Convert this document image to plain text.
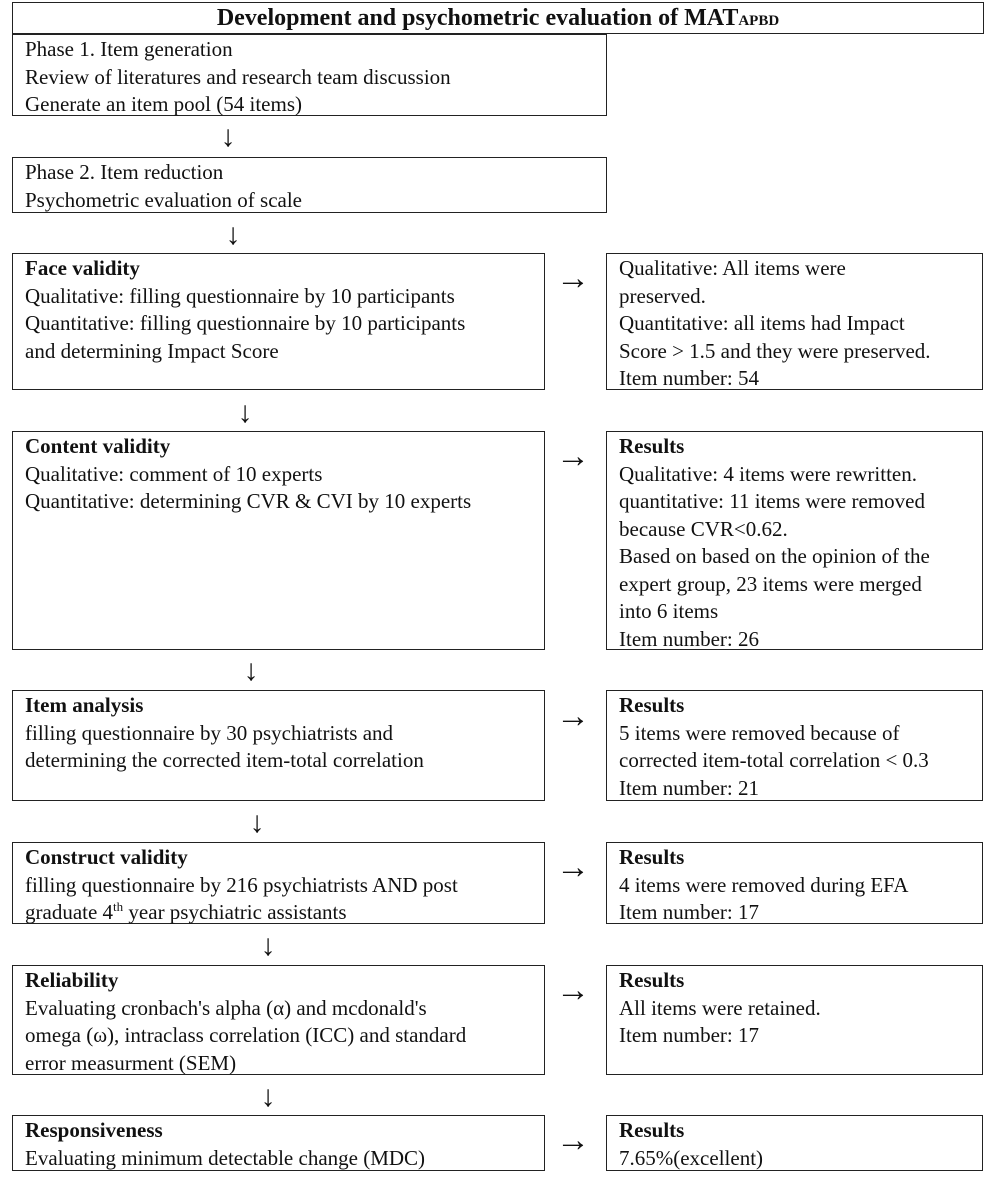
Development and psychometric evaluation of MATAPBD
Phase 1. Item generation
Review of literatures and research team discussion
Generate an item pool (54 items)
↓
Phase 2. Item reduction
Psychometric evaluation of scale
↓
Face validity
Qualitative: filling questionnaire by 10 participants
Quantitative: filling questionnaire by 10 participants
and determining Impact Score
→ Qualitative: All items were
preserved.
Quantitative: all items had Impact
Score > 1.5 and they were preserved.
Item number: 54
↓
Content validity
Qualitative: comment of 10 experts
Quantitative: determining CVR & CVI by 10 experts
→ Results
Qualitative: 4 items were rewritten.
quantitative: 11 items were removed
because CVR<0.62.
Based on based on the opinion of the
expert group, 23 items were merged
into 6 items
Item number: 26
↓
Item analysis
filling questionnaire by 30 psychiatrists and
determining the corrected item-total correlation
→ Results
5 items were removed because of
corrected item-total correlation < 0.3
Item number: 21
↓
Construct validity
filling questionnaire by 216 psychiatrists AND post
graduate 4th year psychiatric assistants
→ Results
4 items were removed during EFA
Item number: 17
↓
Reliability
Evaluating cronbach's alpha (α) and mcdonald's
omega (ω), intraclass correlation (ICC) and standard
error measurment (SEM)
→ Results
All items were retained.
Item number: 17
↓
Responsiveness
Evaluating minimum detectable change (MDC)	→ Results
7.65%(excellent)
